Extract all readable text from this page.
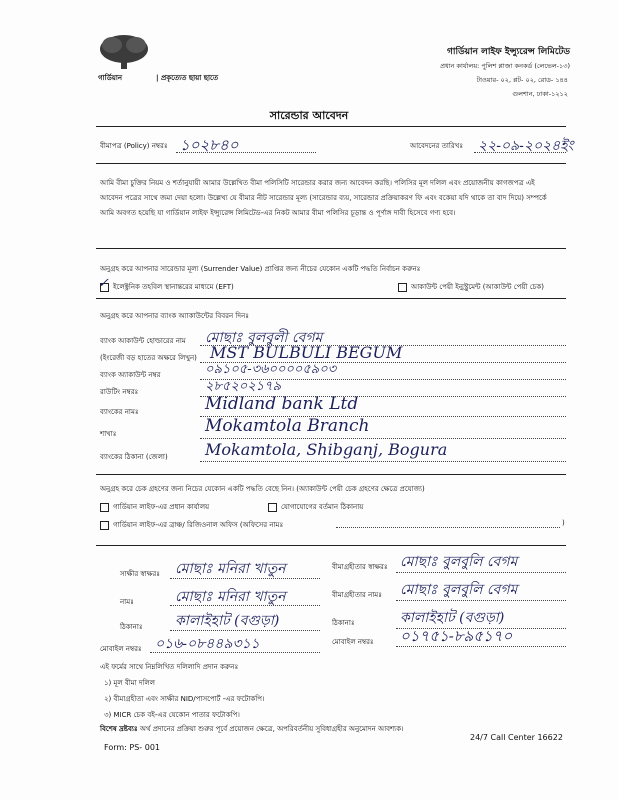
গার্ডিয়ান	| প্রকৃত্যেত ছায়া ছাতে
গার্ডিয়ান লাইফ ইন্স্যুরেন্স লিমিটেড
প্রধান কার্যালয়: পুলিশ প্লাজা কনকর্ড (লেভেল-১৩)
টাওয়ার- ০২, প্লট- ০২, রোড- ১৪৪
গুলশান, ঢাকা-১২১২
সারেন্ডার আবেদন
বীমাপত্র (Policy) নম্বরঃ ১০২৮৪০	আবেদনের তারিখঃ ২২-০৯-২০২৪ইং
আমি বীমা চুক্তির নিয়ম ও শর্তানুযায়ী আমার উল্লেখিত বীমা পলিসিটি সারেন্ডার করার জন্য আবেদন করছি। পলিসির মূল দলিল এবং প্রয়োজনীয় কাগজপত্র এই আবেদন পত্রের সাথে জমা দেয়া হলো। উল্লেখ্য যে বীমার নীট সারেন্ডার মূল্য (সারেন্ডার ব্যয়, সারেন্ডার প্রক্রিয়াকরণ ফি এবং বকেয়া যদি থাকে তা বাদ দিয়ে) সম্পর্কে আমি অবগত হয়েছি যা গার্ডিয়ান লাইফ ইন্স্যুরেন্স লিমিটেড-এর নিকট আমার বীমা পলিসির চূড়ান্ত ও পূর্ণাঙ্গ দাবী হিসেবে গণ্য হবে।
অনুগ্রহ করে আপনার সারেন্ডার মূল্য (Surrender Value) প্রাপ্তির জন্য নীচের যেকোন একটি পদ্ধতি নির্বাচন করুনঃ
ইলেক্ট্রনিক তহবিল স্থানান্তরের মাধ্যমে (EFT)
✓	আকাউন্ট পেয়ী ইনুস্ট্রুমেন্ট (আকাউন্ট পেয়ী চেক)
অনুগ্রহ করে আপনার ব্যাংক অ্যাকাউন্টের বিবরন দিনঃ
ব্যাংক আকাউন্ট হোল্ডারের নাম মোছাঃ বুলবুলী বেগম
(ইংরেজী বড় হাতের অক্ষরে লিখুন) MST BULBULI BEGUM
ব্যাংক অ্যাকাউন্ট নম্বর	০৯১০৫-৩৬০০০০৫৯০৩
রাউটিং নম্বরঃ	২৮৫২০২১৭৯
ব্যাংকের নামঃ	Midland bank Ltd
শাখাঃ	Mokamtola Branch
ব্যাংকের ঠিকানা (জেলা) Mokamtola, Shibganj, Bogura
অনুগ্রহ করে চেক গ্রহণের জন্য নিচের যেকোন একটি পদ্ধতি বেছে নিন। (অ্যাকাউন্ট পেয়ী চেক গ্রহণের ক্ষেত্রে প্রযোজ্য)
গার্ডিয়ান লাইফ-এর প্রধান কার্যালয়	যোগাযোগের বর্তমান ঠিকানায়
গার্ডিয়ান লাইফ-এর ব্রাঞ্চ/ রিজিওনাল অফিস (অফিসের নামঃ	)
সাক্ষীর স্বাক্ষরঃ মোছাঃ মনিরা খাতুন	বীমাগ্রহীতার স্বাক্ষরঃ মোছাঃ বুলবুলি বেগম
নামঃ	মোছাঃ মনিরা খাতুন	বীমাগ্রহীতার নামঃ মোছাঃ বুলবুলি বেগম
ঠিকানাঃ কালাইহাট (বগুড়া)	ঠিকানাঃ	কালাইহাট (বগুড়া)
মোবাইল নম্বরঃ ০১৬-০৮৪৪৯৩১১	মোবাইল নম্বরঃ ০১৭৫১-৮৯৫১৭০
এই ফর্মের সাথে নিম্নলিখিত দলিলাদি প্রদান করুনঃ
১) মূল বীমা দলিল
২) বীমাগ্রহীতা এবং সাক্ষীর NID/পাসপোর্ট -এর ফটোকপি।
৩) MICR চেক বই-এর যেকোন পাতার ফটোকপি।
বিশেষ দ্রষ্টব্যঃ অর্থ প্রদানের প্রক্রিয়া শুরুর পূর্বে প্রয়োজন ক্ষেত্রে, অপরিবর্তনীয় সুবিধাগ্রহীর অনুমোদন আবশ্যক।
Form: PS- 001
24/7 Call Center 16622
